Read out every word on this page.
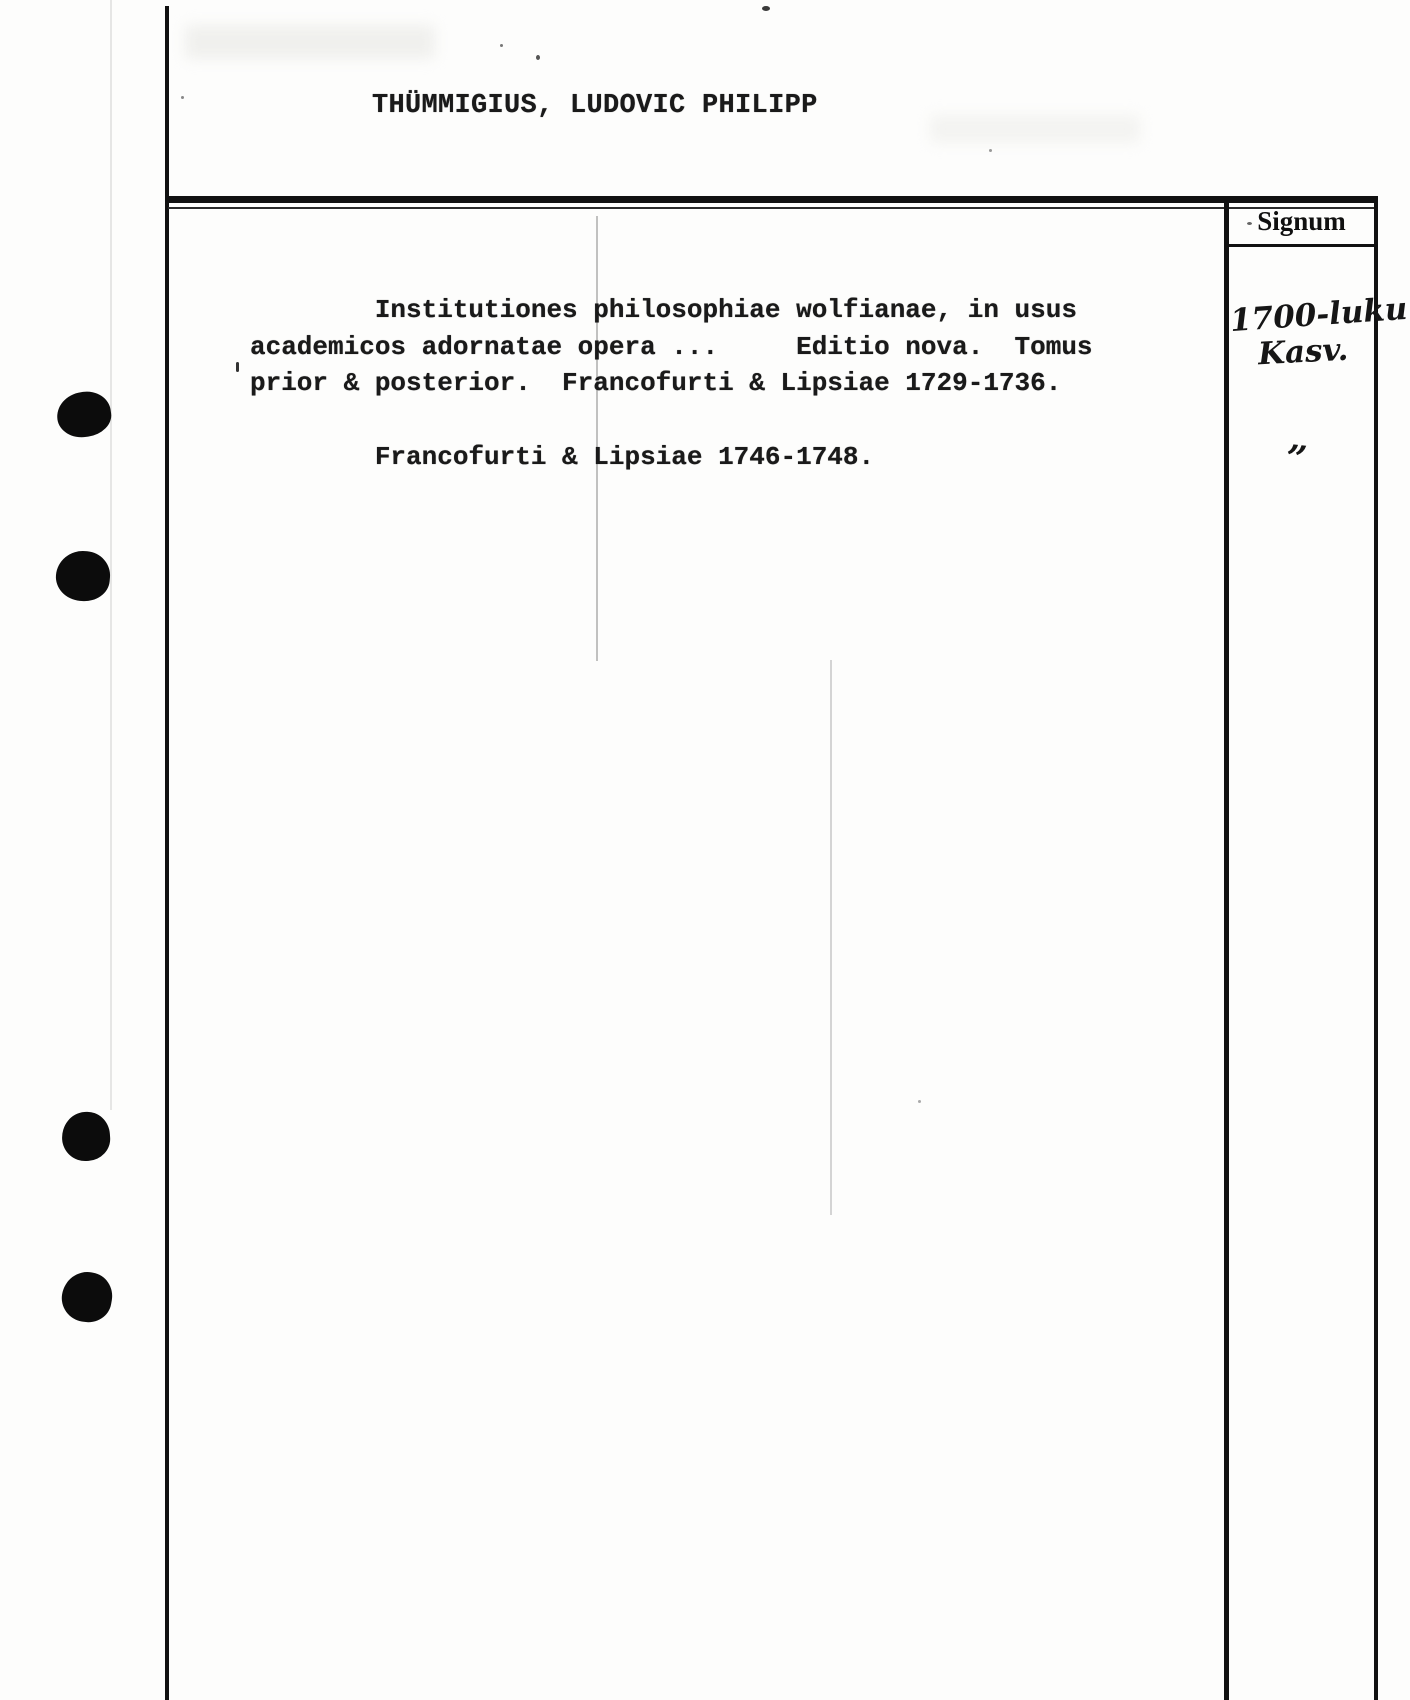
THÜMMIGIUS, LUDOVIC PHILIPP
Institutiones philosophiae wolfianae, in usus
academicos adornatae opera ...     Editio nova.  Tomus
prior & posterior.  Francofurti & Lipsiae 1729-1736.
Francofurti & Lipsiae 1746-1748.
Signum
1700-luku
Kasv.
”
